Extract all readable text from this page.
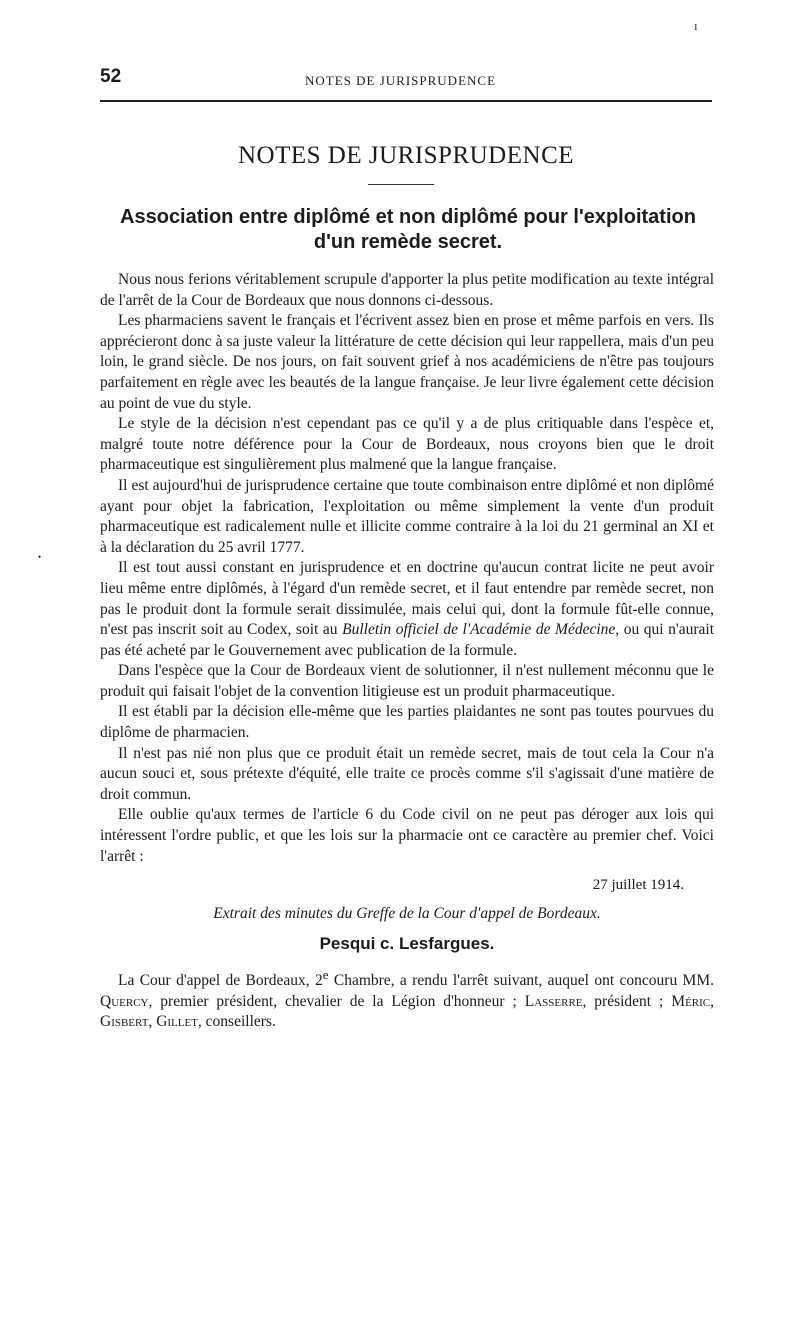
ı
52	NOTES DE JURISPRUDENCE
NOTES DE JURISPRUDENCE
Association entre diplômé et non diplômé pour l'exploitation d'un remède secret.
•

Nous nous ferions véritablement scrupule d'apporter la plus petite modification au texte intégral de l'arrêt de la Cour de Bordeaux que nous donnons ci-dessous.

Les pharmaciens savent le français et l'écrivent assez bien en prose et même parfois en vers. Ils apprécieront donc à sa juste valeur la littérature de cette décision qui leur rappellera, mais d'un peu loin, le grand siècle. De nos jours, on fait souvent grief à nos académiciens de n'être pas toujours parfaitement en règle avec les beautés de la langue française. Je leur livre également cette décision au point de vue du style.

Le style de la décision n'est cependant pas ce qu'il y a de plus critiquable dans l'espèce et, malgré toute notre déférence pour la Cour de Bordeaux, nous croyons bien que le droit pharmaceutique est singulièrement plus malmené que la langue française.

Il est aujourd'hui de jurisprudence certaine que toute combinaison entre diplômé et non diplômé ayant pour objet la fabrication, l'exploitation ou même simplement la vente d'un produit pharmaceutique est radicalement nulle et illicite comme contraire à la loi du 21 germinal an XI et à la déclaration du 25 avril 1777.

Il est tout aussi constant en jurisprudence et en doctrine qu'aucun contrat licite ne peut avoir lieu même entre diplômés, à l'égard d'un remède secret, et il faut entendre par remède secret, non pas le produit dont la formule serait dissimulée, mais celui qui, dont la formule fût-elle connue, n'est pas inscrit soit au Codex, soit au Bulletin officiel de l'Académie de Médecine, ou qui n'aurait pas été acheté par le Gouvernement avec publication de la formule.

Dans l'espèce que la Cour de Bordeaux vient de solutionner, il n'est nullement méconnu que le produit qui faisait l'objet de la convention litigieuse est un produit pharmaceutique.

Il est établi par la décision elle-même que les parties plaidantes ne sont pas toutes pourvues du diplôme de pharmacien.

Il n'est pas nié non plus que ce produit était un remède secret, mais de tout cela la Cour n'a aucun souci et, sous prétexte d'équité, elle traite ce procès comme s'il s'agissait d'une matière de droit commun.

Elle oublie qu'aux termes de l'article 6 du Code civil on ne peut pas déroger aux lois qui intéressent l'ordre public, et que les lois sur la pharmacie ont ce caractère au premier chef. Voici l'arrêt :

27 juillet 1914.
Extrait des minutes du Greffe de la Cour d'appel de Bordeaux.
Pesqui c. Lesfargues.

La Cour d'appel de Bordeaux, 2e Chambre, a rendu l'arrêt suivant, auquel ont concouru MM. Quercy, premier président, chevalier de la Légion d'honneur ; Lasserre, président ; Méric, Gisbert, Gillet, conseillers.
